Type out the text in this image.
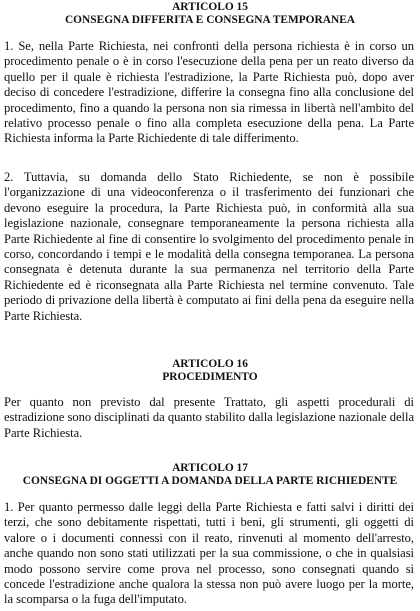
ARTICOLO 15

CONSEGNA DIFFERITA E CONSEGNA TEMPORANEA

1. Se, nella Parte Richiesta, nei confronti della persona richiesta è in corso un procedimento penale o è in corso l'esecuzione della pena per un reato diverso da quello per il quale è richiesta l'estradizione, la Parte Richiesta può, dopo aver deciso di concedere l'estradizione, differire la consegna fino alla conclusione del procedimento, fino a quando la persona non sia rimessa in libertà nell'ambito del relativo processo penale o fino alla completa esecuzione della pena. La Parte Richiesta informa la Parte Richiedente di tale differimento.

2. Tuttavia, su domanda dello Stato Richiedente, se non è possibile l'organizzazione di una videoconferenza o il trasferimento dei funzionari che devono eseguire la procedura, la Parte Richiesta può, in conformità alla sua legislazione nazionale, consegnare temporaneamente la persona richiesta alla Parte Richiedente al fine di consentire lo svolgimento del procedimento penale in corso, concordando i tempi e le modalità della consegna temporanea. La persona consegnata è detenuta durante la sua permanenza nel territorio della Parte Richiedente ed è riconsegnata alla Parte Richiesta nel termine convenuto. Tale periodo di privazione della libertà è computato ai fini della pena da eseguire nella Parte Richiesta.

ARTICOLO 16

PROCEDIMENTO

Per quanto non previsto dal presente Trattato, gli aspetti procedurali di estradizione sono disciplinati da quanto stabilito dalla legislazione nazionale della Parte Richiesta.

ARTICOLO 17

CONSEGNA DI OGGETTI A DOMANDA DELLA PARTE RICHIEDENTE

1. Per quanto permesso dalle leggi della Parte Richiesta e fatti salvi i diritti dei terzi, che sono debitamente rispettati, tutti i beni, gli strumenti, gli oggetti di valore o i documenti connessi con il reato, rinvenuti al momento dell'arresto, anche quando non sono stati utilizzati per la sua commissione, o che in qualsiasi modo possono servire come prova nel processo, sono consegnati quando si concede l'estradizione anche qualora la stessa non può avere luogo per la morte, la scomparsa o la fuga dell'imputato.
